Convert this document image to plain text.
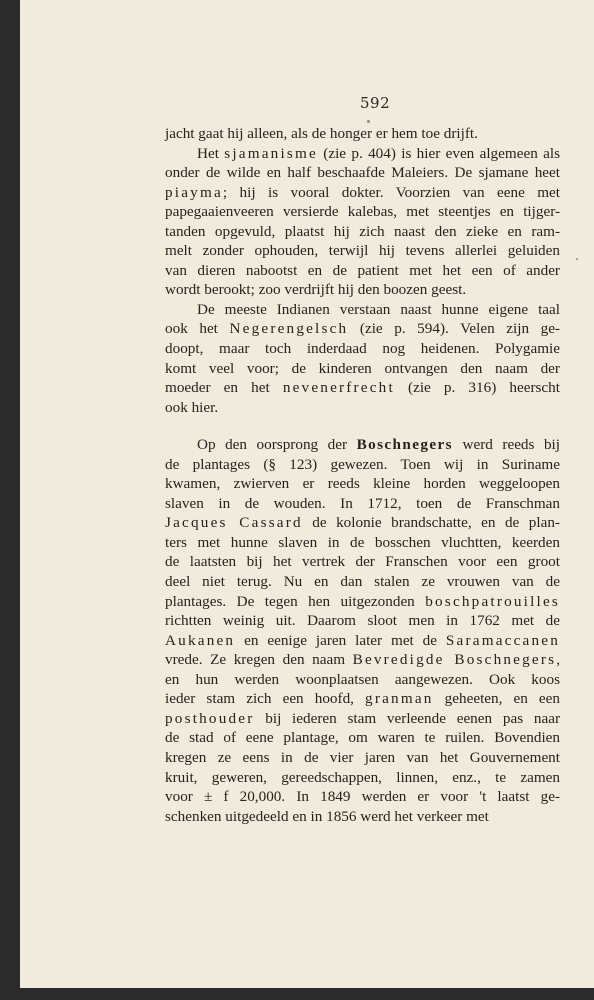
592
jacht gaat hij alleen, als de honger er hem toe drijft.
Het sjamanisme (zie p. 404) is hier even algemeen als
onder de wilde en half beschaafde Maleiers. De sjamane heet
piayma; hij is vooral dokter. Voorzien van eene met
papegaaienveeren versierde kalebas, met steentjes en tijger-
tanden opgevuld, plaatst hij zich naast den zieke en ram-
melt zonder ophouden, terwijl hij tevens allerlei geluiden
van dieren nabootst en de patient met het een of ander
wordt berookt; zoo verdrijft hij den boozen geest.
De meeste Indianen verstaan naast hunne eigene taal
ook het Negerengelsch (zie p. 594). Velen zijn ge-
doopt, maar toch inderdaad nog heidenen. Polygamie
komt veel voor; de kinderen ontvangen den naam der
moeder en het nevenerfrecht (zie p. 316) heerscht
ook hier.
Op den oorsprong der Boschnegers werd reeds bij
de plantages (§ 123) gewezen. Toen wij in Suriname
kwamen, zwierven er reeds kleine horden weggeloopen
slaven in de wouden. In 1712, toen de Franschman
Jacques Cassard de kolonie brandschatte, en de plan-
ters met hunne slaven in de bosschen vluchtten, keerden
de laatsten bij het vertrek der Franschen voor een groot
deel niet terug. Nu en dan stalen ze vrouwen van de
plantages. De tegen hen uitgezonden boschpatrouilles
richtten weinig uit. Daarom sloot men in 1762 met de
Aukanen en eenige jaren later met de Saramaccanen
vrede. Ze kregen den naam Bevredigde Boschnegers,
en hun werden woonplaatsen aangewezen. Ook koos
ieder stam zich een hoofd, granman geheeten, en een
posthouder bij iederen stam verleende eenen pas naar
de stad of eene plantage, om waren te ruilen. Bovendien
kregen ze eens in de vier jaren van het Gouvernement
kruit, geweren, gereedschappen, linnen, enz., te zamen
voor ± f 20,000. In 1849 werden er voor 't laatst ge-
schenken uitgedeeld en in 1856 werd het verkeer met
